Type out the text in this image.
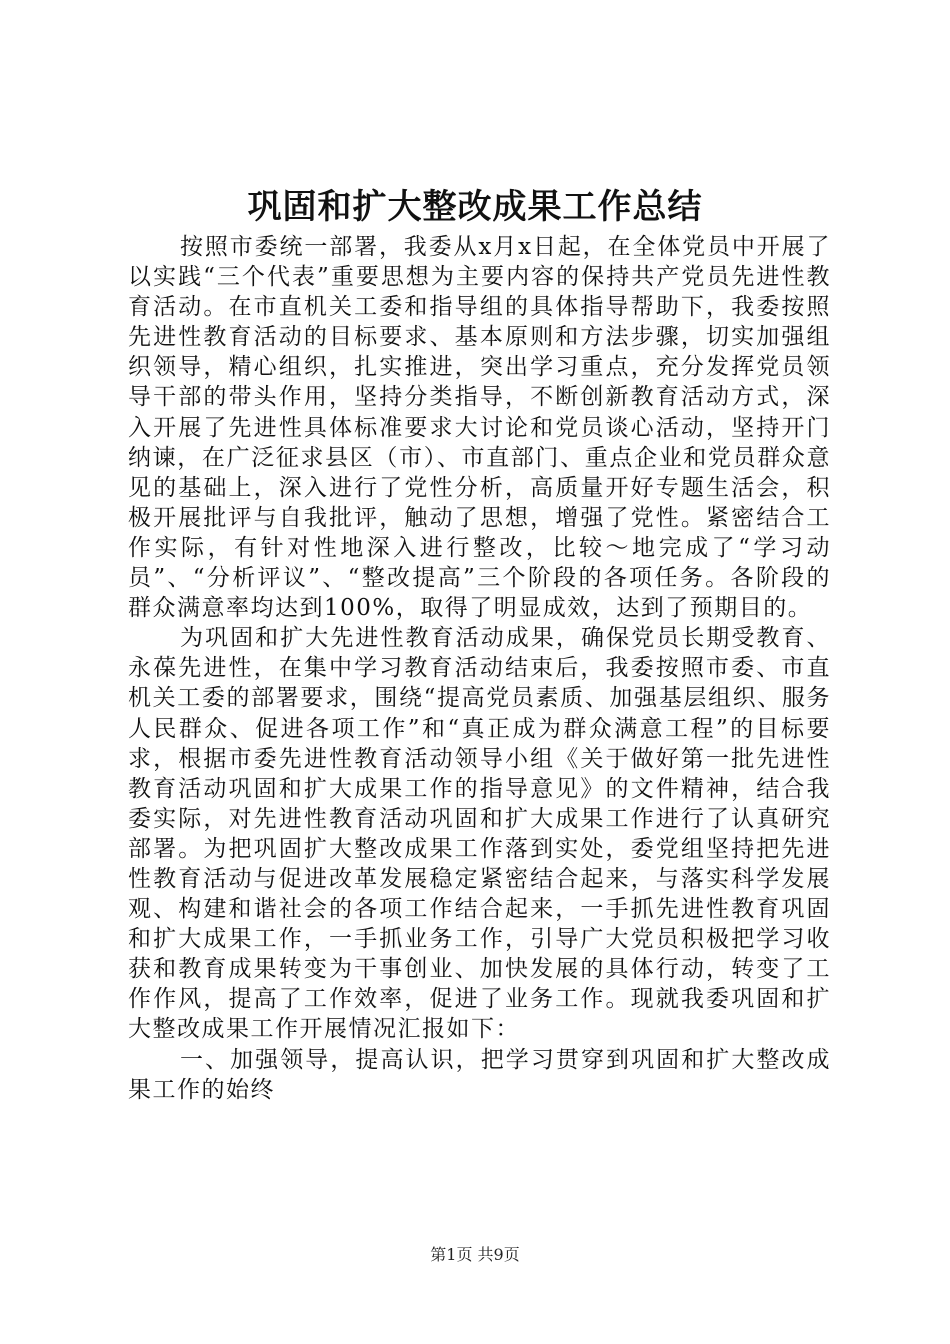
巩固和扩大整改成果工作总结

按照市委统一部署，我委从x月x日起，在全体党员中开展了以实践“三个代表”重要思想为主要内容的保持共产党员先进性教育活动。在市直机关工委和指导组的具体指导帮助下，我委按照先进性教育活动的目标要求、基本原则和方法步骤，切实加强组织领导，精心组织，扎实推进，突出学习重点，充分发挥党员领导干部的带头作用，坚持分类指导，不断创新教育活动方式，深入开展了先进性具体标准要求大讨论和党员谈心活动，坚持开门纳谏，在广泛征求县区（市）、市直部门、重点企业和党员群众意见的基础上，深入进行了党性分析，高质量开好专题生活会，积极开展批评与自我批评，触动了思想，增强了党性。紧密结合工作实际，有针对性地深入进行整改，比较～地完成了“学习动员”、“分析评议”、“整改提高”三个阶段的各项任务。各阶段的群众满意率均达到100%，取得了明显成效，达到了预期目的。

为巩固和扩大先进性教育活动成果，确保党员长期受教育、永葆先进性，在集中学习教育活动结束后，我委按照市委、市直机关工委的部署要求，围绕“提高党员素质、加强基层组织、服务人民群众、促进各项工作”和“真正成为群众满意工程”的目标要求，根据市委先进性教育活动领导小组《关于做好第一批先进性教育活动巩固和扩大成果工作的指导意见》的文件精神，结合我委实际，对先进性教育活动巩固和扩大成果工作进行了认真研究部署。为把巩固扩大整改成果工作落到实处，委党组坚持把先进性教育活动与促进改革发展稳定紧密结合起来，与落实科学发展观、构建和谐社会的各项工作结合起来，一手抓先进性教育巩固和扩大成果工作，一手抓业务工作，引导广大党员积极把学习收获和教育成果转变为干事创业、加快发展的具体行动，转变了工作作风，提高了工作效率，促进了业务工作。现就我委巩固和扩大整改成果工作开展情况汇报如下：

一、加强领导，提高认识，把学习贯穿到巩固和扩大整改成果工作的始终

第1页 共9页
